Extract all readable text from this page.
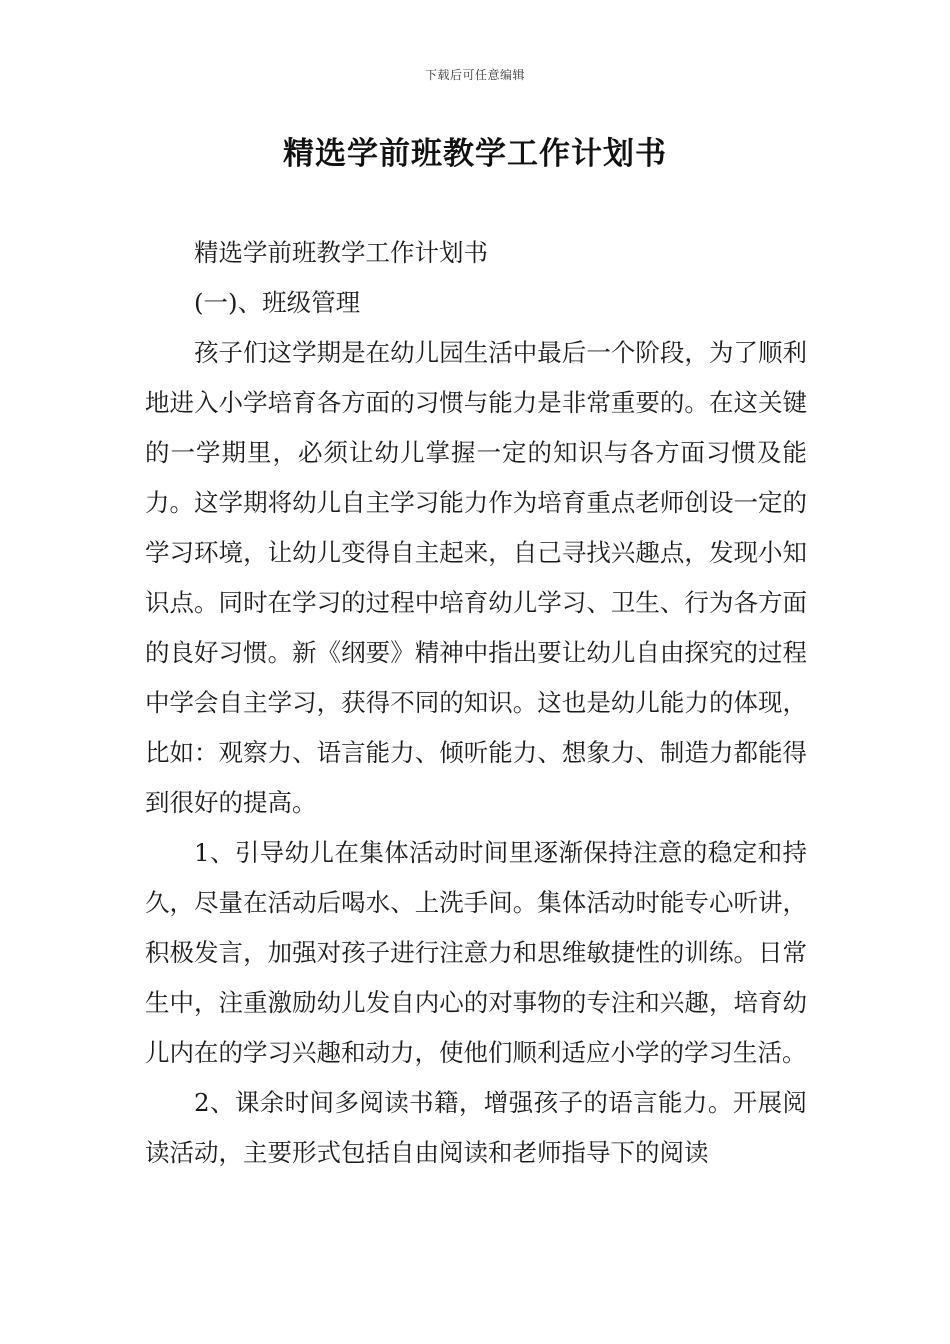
下载后可任意编辑
精选学前班教学工作计划书

精选学前班教学工作计划书

(一)、班级管理

孩子们这学期是在幼儿园生活中最后一个阶段，为了顺利地进入小学培育各方面的习惯与能力是非常重要的。在这关键的一学期里，必须让幼儿掌握一定的知识与各方面习惯及能力。这学期将幼儿自主学习能力作为培育重点老师创设一定的学习环境，让幼儿变得自主起来，自己寻找兴趣点，发现小知识点。同时在学习的过程中培育幼儿学习、卫生、行为各方面的良好习惯。新《纲要》精神中指出要让幼儿自由探究的过程中学会自主学习，获得不同的知识。这也是幼儿能力的体现，比如：观察力、语言能力、倾听能力、想象力、制造力都能得到很好的提高。

1、引导幼儿在集体活动时间里逐渐保持注意的稳定和持久，尽量在活动后喝水、上洗手间。集体活动时能专心听讲，积极发言，加强对孩子进行注意力和思维敏捷性的训练。日常生中，注重激励幼儿发自内心的对事物的专注和兴趣，培育幼儿内在的学习兴趣和动力，使他们顺利适应小学的学习生活。

2、课余时间多阅读书籍，增强孩子的语言能力。开展阅读活动，主要形式包括自由阅读和老师指导下的阅读
